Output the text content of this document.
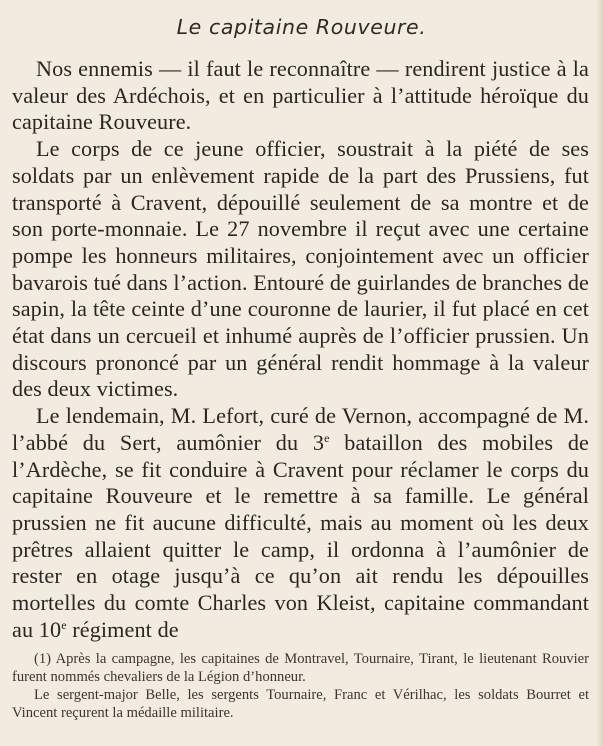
Le capitaine Rouveure.

Nos ennemis — il faut le reconnaître — rendirent justice à la valeur des Ardéchois, et en particulier à l’attitude héroïque du capitaine Rouveure.

Le corps de ce jeune officier, soustrait à la piété de ses soldats par un enlèvement rapide de la part des Prussiens, fut transporté à Cravent, dépouillé seulement de sa montre et de son porte-monnaie. Le 27 novembre il reçut avec une certaine pompe les honneurs militaires, conjointement avec un officier bavarois tué dans l’action. Entouré de guirlandes de branches de sapin, la tête ceinte d’une couronne de laurier, il fut placé en cet état dans un cercueil et inhumé auprès de l’officier prussien. Un discours prononcé par un général rendit hommage à la valeur des deux victimes.

Le lendemain, M. Lefort, curé de Vernon, accompagné de M. l’abbé du Sert, aumônier du 3e bataillon des mobiles de l’Ardèche, se fit conduire à Cravent pour réclamer le corps du capitaine Rouveure et le remettre à sa famille. Le général prussien ne fit aucune difficulté, mais au moment où les deux prêtres allaient quitter le camp, il ordonna à l’aumônier de rester en otage jusqu’à ce qu’on ait rendu les dépouilles mortelles du comte Charles von Kleist, capitaine commandant au 10e régiment de

(1) Après la campagne, les capitaines de Montravel, Tournaire, Tirant, le lieutenant Rouvier furent nommés chevaliers de la Légion d’honneur.

Le sergent-major Belle, les sergents Tournaire, Franc et Vérilhac, les soldats Bourret et Vincent reçurent la médaille militaire.
